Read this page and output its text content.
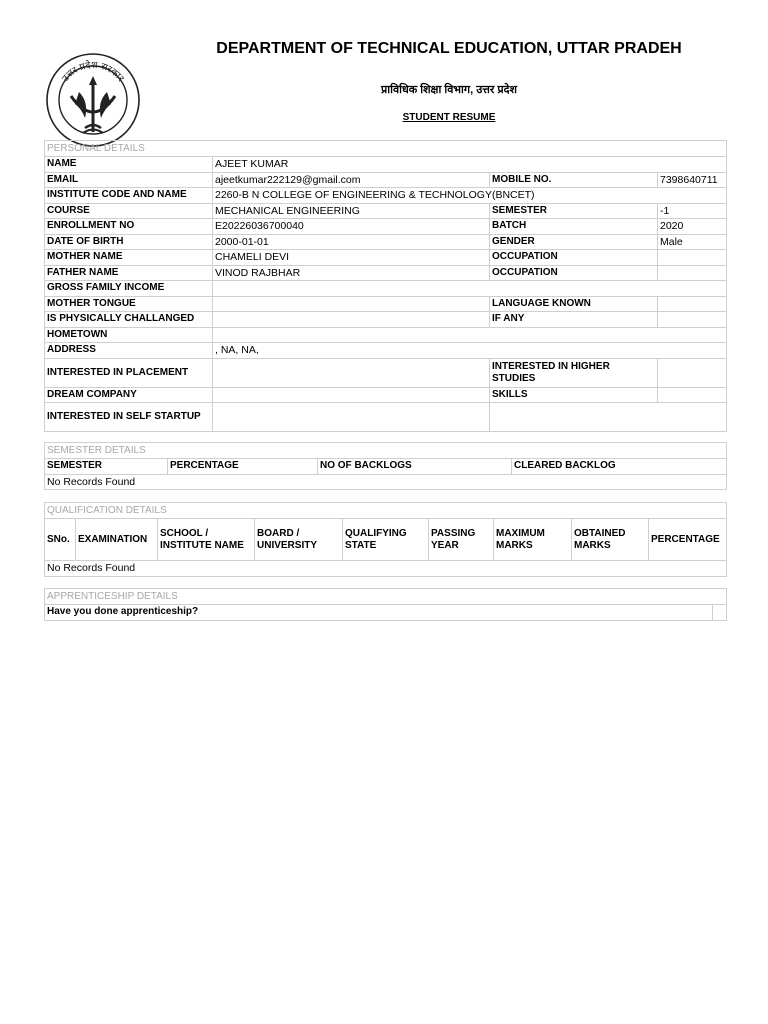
उत्तर प्रदेश सरकार
DEPARTMENT OF TECHNICAL EDUCATION, UTTAR PRADEH
प्राविधिक शिक्षा विभाग, उत्तर प्रदेश
STUDENT RESUME
PERSONAL DETAILS			
NAME	AJEET KUMAR		
EMAIL	ajeetkumar222129@gmail.com	MOBILE NO.	7398640711
INSTITUTE CODE AND NAME	2260-B N COLLEGE OF ENGINEERING & TECHNOLOGY(BNCET)		
COURSE	MECHANICAL ENGINEERING	SEMESTER	-1
ENROLLMENT NO	E20226036700040	BATCH	2020
DATE OF BIRTH	2000-01-01	GENDER	Male
MOTHER NAME	CHAMELI DEVI	OCCUPATION	
FATHER NAME	VINOD RAJBHAR	OCCUPATION	
GROSS FAMILY INCOME			
MOTHER TONGUE		LANGUAGE KNOWN	
IS PHYSICALLY CHALLANGED		IF ANY	
HOMETOWN			
ADDRESS	, NA, NA,		
INTERESTED IN PLACEMENT		INTERESTED IN HIGHER STUDIES	
DREAM COMPANY		SKILLS	
INTERESTED IN SELF STARTUP			
SEMESTER DETAILS
SEMESTER	PERCENTAGE	NO OF BACKLOGS	CLEARED BACKLOG
No Records Found
QUALIFICATION DETAILS
SNo.	EXAMINATION	SCHOOL / INSTITUTE NAME	BOARD / UNIVERSITY	QUALIFYING STATE	PASSING YEAR	MAXIMUM MARKS	OBTAINED MARKS	PERCENTAGE
No Records Found
APPRENTICESHIP DETAILS
Have you done apprenticeship?	
